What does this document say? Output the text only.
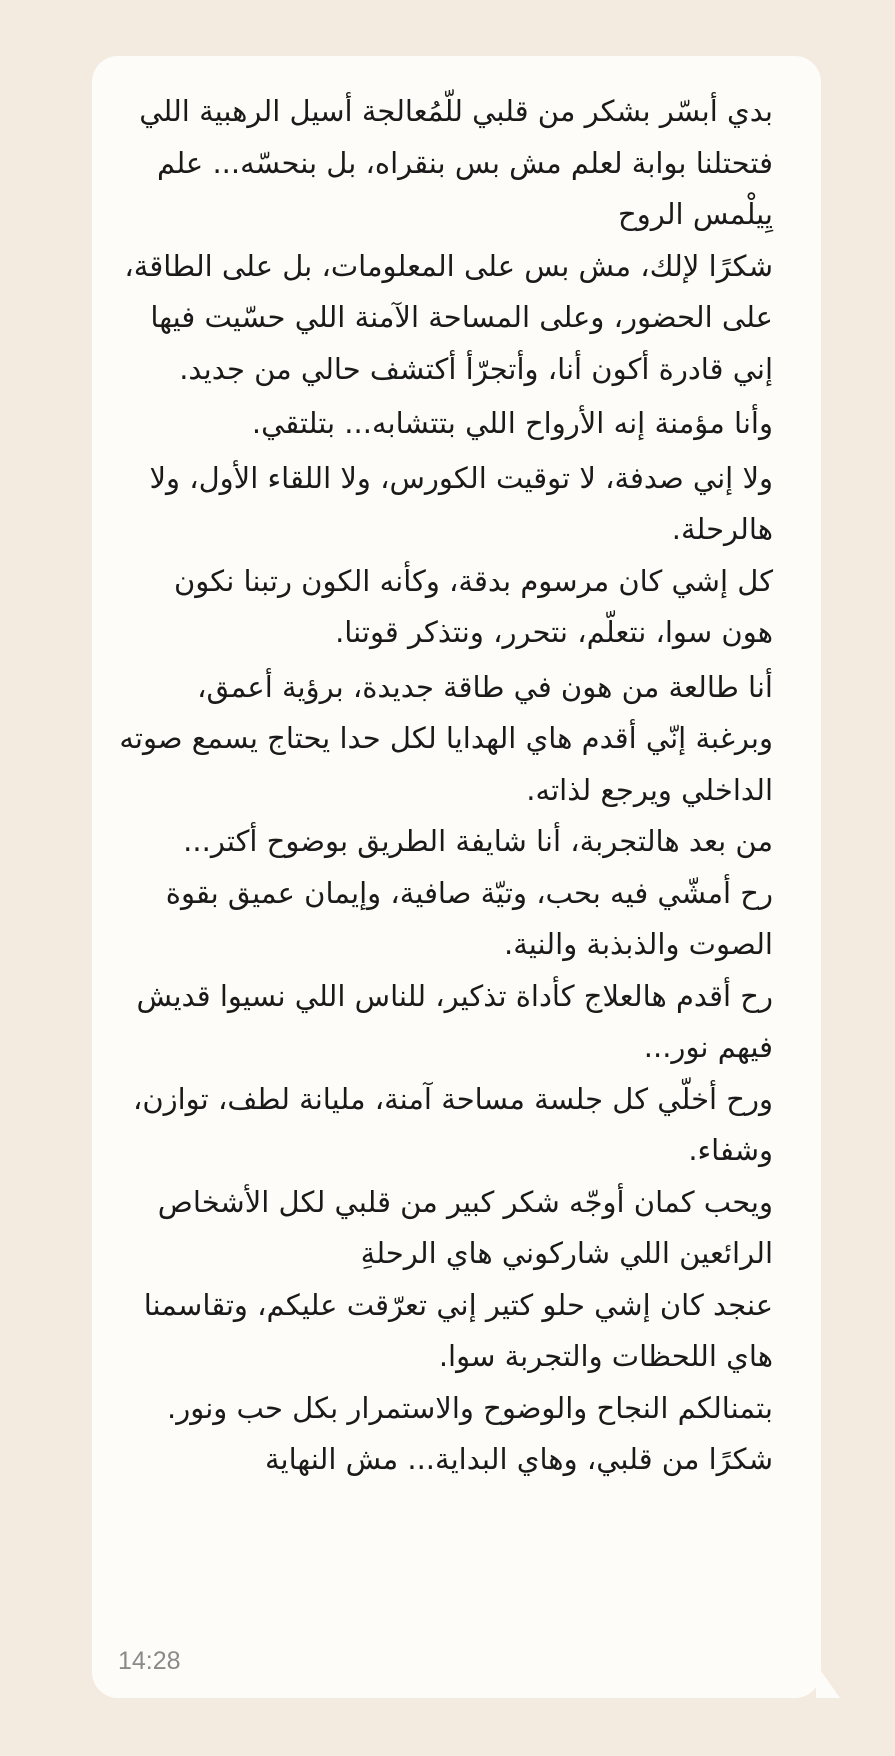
بدي أبسّر بشكر من قلبي للّمُعالجة أسيل الرهبية اللي فتحتلنا بوابة لعلم مش بس بنقراه، بل بنحسّه... علم يِيلْمس الروح

شكرًا لإلك، مش بس على المعلومات، بل على الطاقة، على الحضور، وعلى المساحة الآمنة اللي حسّيت فيها إني قادرة أكون أنا، وأتجرّأ أكتشف حالي من جديد.

وأنا مؤمنة إنه الأرواح اللي بتتشابه... بتلتقي.

ولا إني صدفة، لا توقيت الكورس، ولا اللقاء الأول، ولا هالرحلة.

كل إشي كان مرسوم بدقة، وكأنه الكون رتبنا نكون هون سوا، نتعلّم، نتحرر، ونتذكر قوتنا.

أنا طالعة من هون في طاقة جديدة، برؤية أعمق، وبرغبة إنّي أقدم هاي الهدايا لكل حدا يحتاج يسمع صوته الداخلي ويرجع لذاته.

من بعد هالتجربة، أنا شايفة الطريق بوضوح أكتر...

رح أمشّي فيه بحب، وتيّة صافية، وإيمان عميق بقوة الصوت والذبذبة والنية.

رح أقدم هالعلاج كأداة تذكير، للناس اللي نسيوا قديش فيهم نور...

ورح أخلّي كل جلسة مساحة آمنة، مليانة لطف، توازن، وشفاء.

ويحب كمان أوجّه شكر كبير من قلبي لكل الأشخاص الرائعين اللي شاركوني هاي الرحلةِ

عنجد كان إشي حلو كتير إني تعرّقت عليكم، وتقاسمنا هاي اللحظات والتجربة سوا.

بتمنالكم النجاح والوضوح والاستمرار بكل حب ونور.

شكرًا من قلبي، وهاي البداية... مش النهاية

14:28
